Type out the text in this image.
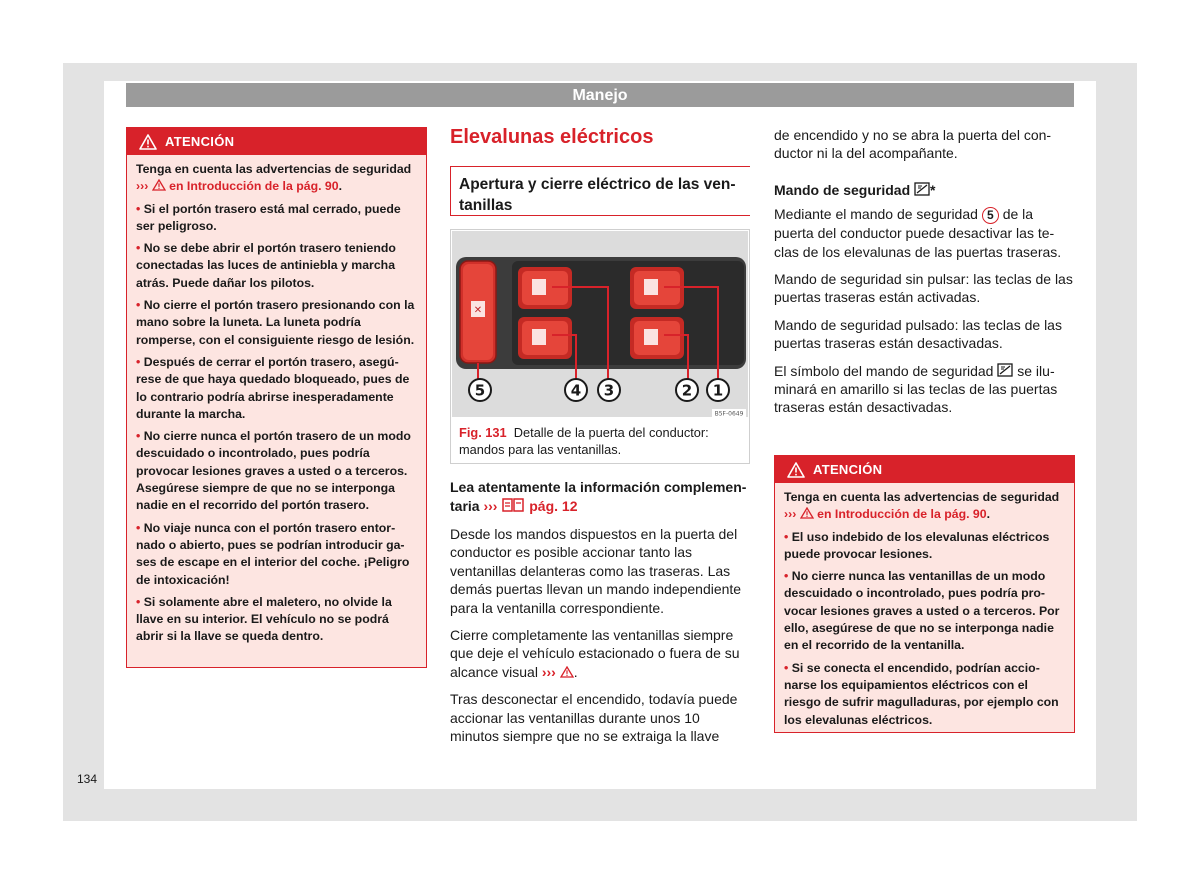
Manejo
ATENCIÓN

Tenga en cuenta las advertencias de seguridad ››› en Introducción de la pág. 90.

• Si el portón trasero está mal cerrado, puede ser peligroso.

• No se debe abrir el portón trasero teniendo conectadas las luces de antiniebla y marcha atrás. Puede dañar los pilotos.

• No cierre el portón trasero presionando con la mano sobre la luneta. La luneta podría romperse, con el consiguiente riesgo de lesión.

• Después de cerrar el portón trasero, asegúrese de que haya quedado bloqueado, pues de lo contrario podría abrirse inesperadamente durante la marcha.

• No cierre nunca el portón trasero de un modo descuidado o incontrolado, pues podría provocar lesiones graves a usted o a terceros. Asegúrese siempre de que no se interponga nadie en el recorrido del portón trasero.

• No viaje nunca con el portón trasero entornado o abierto, pues se podrían introducir gases de escape en el interior del coche. ¡Peligro de intoxicación!

• Si solamente abre el maletero, no olvide la llave en su interior. El vehículo no se podrá abrir si la llave se queda dentro.

Elevalunas eléctricos
Apertura y cierre eléctrico de las ventanillas
✕
5	4 3	2 1
B5F-0649
Fig. 131 Detalle de la puerta del conductor: mandos para las ventanillas.

Lea atentamente la información complementaria ››› pág. 12

Desde los mandos dispuestos en la puerta del conductor es posible accionar tanto las ventanillas delanteras como las traseras. Las demás puertas llevan un mando independiente para la ventanilla correspondiente.

Cierre completamente las ventanillas siempre que deje el vehículo estacionado o fuera de su alcance visual ››› .

Tras desconectar el encendido, todavía puede accionar las ventanillas durante unos 10 minutos siempre que no se extraiga la llave

de encendido y no se abra la puerta del conductor ni la del acompañante.

Mando de seguridad *

Mediante el mando de seguridad 5 de la puerta del conductor puede desactivar las teclas de los elevalunas de las puertas traseras.

Mando de seguridad sin pulsar: las teclas de las puertas traseras están activadas.

Mando de seguridad pulsado: las teclas de las puertas traseras están desactivadas.

El símbolo del mando de seguridad se iluminará en amarillo si las teclas de las puertas traseras están desactivadas.

ATENCIÓN

Tenga en cuenta las advertencias de seguridad ››› en Introducción de la pág. 90.

• El uso indebido de los elevalunas eléctricos puede provocar lesiones.

• No cierre nunca las ventanillas de un modo descuidado o incontrolado, pues podría provocar lesiones graves a usted o a terceros. Por ello, asegúrese de que no se interponga nadie en el recorrido de la ventanilla.

• Si se conecta el encendido, podrían accionarse los equipamientos eléctricos con el riesgo de sufrir magulladuras, por ejemplo con los elevalunas eléctricos.

134
